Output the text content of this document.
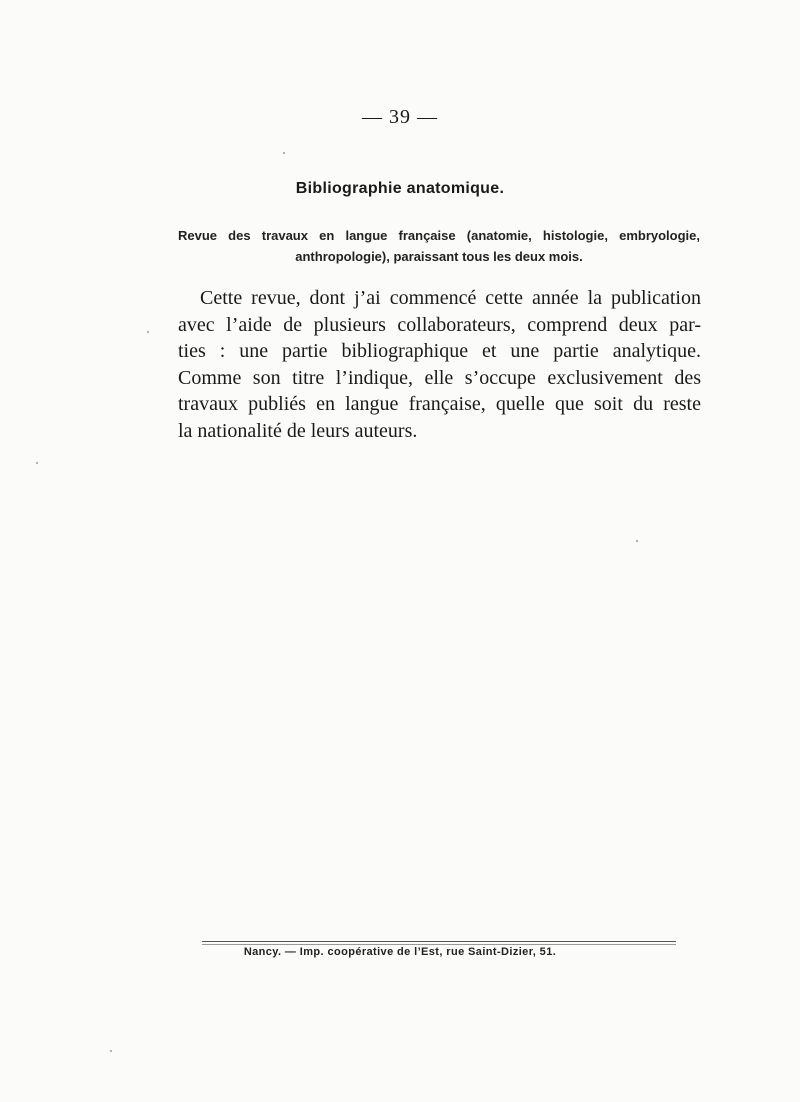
— 39 —
Bibliographie anatomique.
Revue des travaux en langue française (anatomie, histologie, embryologie,
anthropologie), paraissant tous les deux mois.
Cette revue, dont j’ai commencé cette année la publication
avec l’aide de plusieurs collaborateurs, comprend deux par-
ties : une partie bibliographique et une partie analytique.
Comme son titre l’indique, elle s’occupe exclusivement des
travaux publiés en langue française, quelle que soit du reste
la nationalité de leurs auteurs.
Nancy. — Imp. coopérative de l’Est, rue Saint-Dizier, 51.
